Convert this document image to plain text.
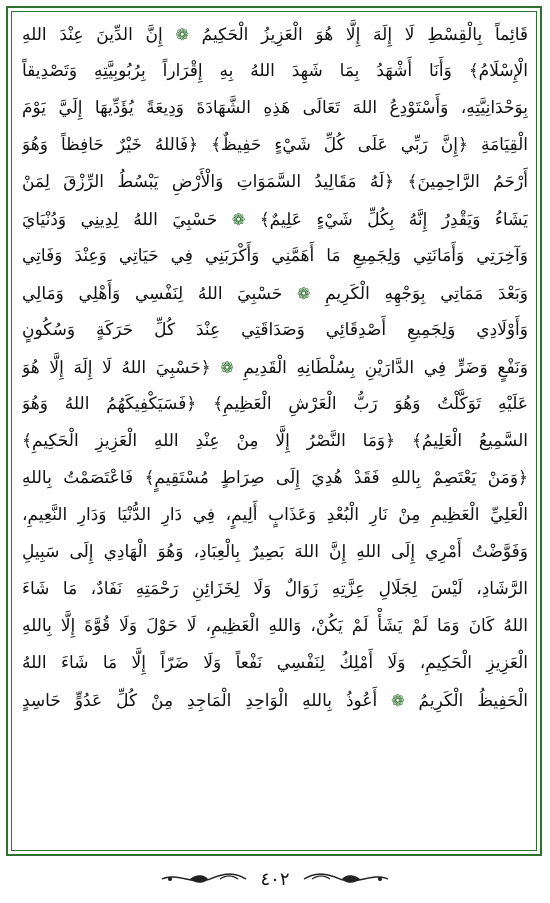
قَائِماً بِالْقِسْطِ لَا إِلَهَ إِلَّا هُوَ الْعَزِيزُ الْحَكِيمُ ❁ إِنَّ الدِّينَ عِنْدَ اللهِ
الْإِسْلَامُ﴾ وَأَنَا أَشْهَدُ بِمَا شَهِدَ اللهُ بِهِ إِقْرَاراً بِرُبُوبِيَّتِهِ وَتَصْدِيقاً
بِوَحْدَانِيَّتِهِ، وَأَسْتَوْدِعُ اللهَ تَعَالَى هَذِهِ الشَّهَادَةَ وَدِيعَةً يُؤَدِّيهَا إِلَيَّ يَوْمَ
الْقِيَامَةِ ﴿إِنَّ رَبِّي عَلَى كُلِّ شَيْءٍ حَفِيظٌ﴾ ﴿فَاللهُ خَيْرٌ حَافِظاً وَهُوَ
أَرْحَمُ الرَّاحِمِينَ﴾ ﴿لَهُ مَقَالِيدُ السَّمَوَاتِ وَالْأَرْضِ يَبْسُطُ الرِّزْقَ لِمَنْ
يَشَاءُ وَيَقْدِرُ إِنَّهُ بِكُلِّ شَيْءٍ عَلِيمٌ﴾ ❁ حَسْبِيَ اللهُ لِدِينِي وَدُنْيَايَ
وَآخِرَتِي وَأَمَانَتِي وَلِجَمِيعِ مَا أَهَمَّنِي وَأَكْرَبَنِي فِي حَيَاتِي وَعِنْدَ وَفَاتِي
وَبَعْدَ مَمَاتِي بِوَجْهِهِ الْكَرِيمِ ❁ حَسْبِيَ اللهُ لِنَفْسِي وَأَهْلِي وَمَالِي
وَأَوْلَادِي وَلِجَمِيعِ أَصْدِقَائِي وَصَدَاقَتِي عِنْدَ كُلِّ حَرَكَةٍ وَسُكُونٍ
وَنَفْعٍ وَضَرٍّ فِي الدَّارَيْنِ بِسُلْطَانِهِ الْقَدِيمِ ❁ ﴿حَسْبِيَ اللهُ لَا إِلَهَ إِلَّا هُوَ
عَلَيْهِ تَوَكَّلْتُ وَهُوَ رَبُّ الْعَرْشِ الْعَظِيمِ﴾ ﴿فَسَيَكْفِيكَهُمُ اللهُ وَهُوَ
السَّمِيعُ الْعَلِيمُ﴾ ﴿وَمَا النَّصْرُ إِلَّا مِنْ عِنْدِ اللهِ الْعَزِيزِ الْحَكِيمِ﴾
﴿وَمَنْ يَعْتَصِمْ بِاللهِ فَقَدْ هُدِيَ إِلَى صِرَاطٍ مُسْتَقِيمٍ﴾ فَاعْتَصَمْتُ بِاللهِ
الْعَلِيِّ الْعَظِيمِ مِنْ نَارِ الْبُعْدِ وَعَذَابٍ أَلِيمٍ، فِي دَارِ الدُّنْيَا وَدَارِ النَّعِيمِ،
وَفَوَّضْتُ أَمْرِي إِلَى اللهِ إِنَّ اللهَ بَصِيرٌ بِالْعِبَادِ، وَهُوَ الْهَادِي إِلَى سَبِيلِ
الرَّشَادِ، لَيْسَ لِجَلَالِ عِزَّتِهِ زَوَالٌ وَلَا لِخَزَائِنِ رَحْمَتِهِ نَفَادٌ، مَا شَاءَ
اللهُ كَانَ وَمَا لَمْ يَشَأْ لَمْ يَكُنْ، وَاللهِ الْعَظِيمِ، لَا حَوْلَ وَلَا قُوَّةَ إِلَّا بِاللهِ
الْعَزِيزِ الْحَكِيمِ، وَلَا أَمْلِكُ لِنَفْسِي نَفْعاً وَلَا ضَرّاً إِلَّا مَا شَاءَ اللهُ
الْحَفِيظُ الْكَرِيمُ ❁ أَعُوذُ بِاللهِ الْوَاحِدِ الْمَاجِدِ مِنْ كُلِّ عَدُوٍّ حَاسِدٍ
٤٠٢
